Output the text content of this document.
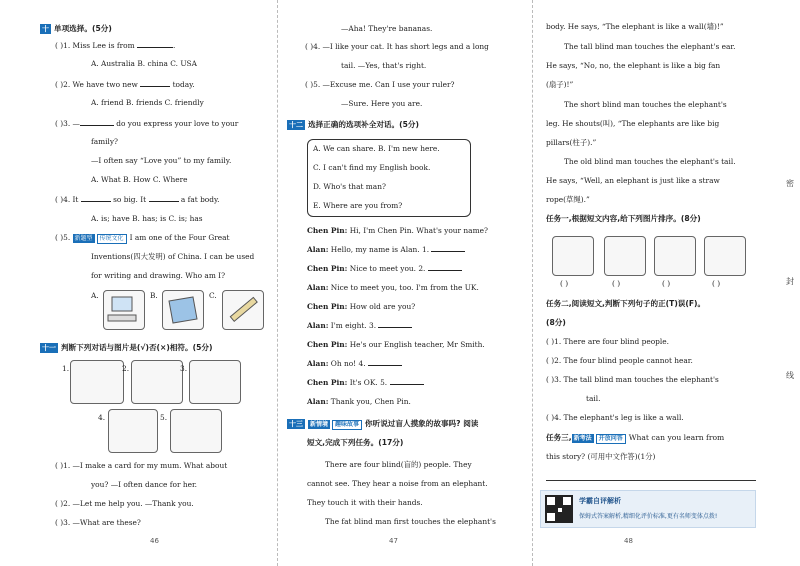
十 单项选择。(5分)
( )1. Miss Lee is from	.
A. Australia B. china C. USA
( )2. We have two new	today.
A. friend B. friends C. friendly
( )3. —	do you express your love to your
family?
—I often say “Love you” to my family.
A. What B. How C. Where
( )4. It	so big. It	a fat body.
A. is; have B. has; is C. is; has
( )5. 新题型 传统文化 I am one of the Four Great
Inventions(四大发明) of China. I can be used
for writing and drawing. Who am I?
A.	B.	C.
十一 判断下列对话与图片是(√)否(×)相符。(5分)
1.	2.	3.
4.	5.
( )1. —I make a card for my mum. What about
you? —I often dance for her.
( )2. —Let me help you. —Thank you.
( )3. —What are these?
46
—Aha! They're bananas.
( )4. —I like your cat. It has short legs and a long
tail. —Yes, that's right.
( )5. —Excuse me. Can I use your ruler?
—Sure. Here you are.
十二 选择正确的选项补全对话。(5分)
A. We can share. B. I'm new here.
C. I can't find my English book.
D. Who's that man?
E. Where are you from?
Chen Pin: Hi, I'm Chen Pin. What's your name?
Alan: Hello, my name is Alan. 1.
Chen Pin: Nice to meet you. 2.
Alan: Nice to meet you, too. I'm from the UK.
Chen Pin: How old are you?
Alan: I'm eight. 3.
Chen Pin: He's our English teacher, Mr Smith.
Alan: Oh no! 4.
Chen Pin: It's OK. 5.
Alan: Thank you, Chen Pin.
十三 新情境 趣味故事 你听说过盲人摸象的故事吗? 阅读
短文,完成下列任务。(17分)
There are four blind(盲的) people. They
cannot see. They hear a noise from an elephant.
They touch it with their hands.
The fat blind man first touches the elephant's
47
body. He says, “The elephant is like a wall(墙)!”
The tall blind man touches the elephant's ear.
He says, “No, no, the elephant is like a big fan
(扇子)!”
The short blind man touches the elephant's
leg. He shouts(叫), “The elephants are like big
pillars(柱子).”
The old blind man touches the elephant's tail.
He says, “Well, an elephant is just like a straw
rope(草绳).”
任务一,根据短文内容,给下列图片排序。(8分)
( )	( )	( )	( )
任务二,阅读短文,判断下列句子的正(T)误(F)。
(8分)
( )1. There are four blind people.
( )2. The four blind people cannot hear.
( )3. The tall blind man touches the elephant's
tail.
( )4. The elephant's leg is like a wall.
任务三, 新考法 开放问答 What can you learn from
this story? (可用中文作答)(1分)
48
学霸自评解析
保姆式答案解析,精细化评价标准,更有名师变体点拨!
密
封
线
